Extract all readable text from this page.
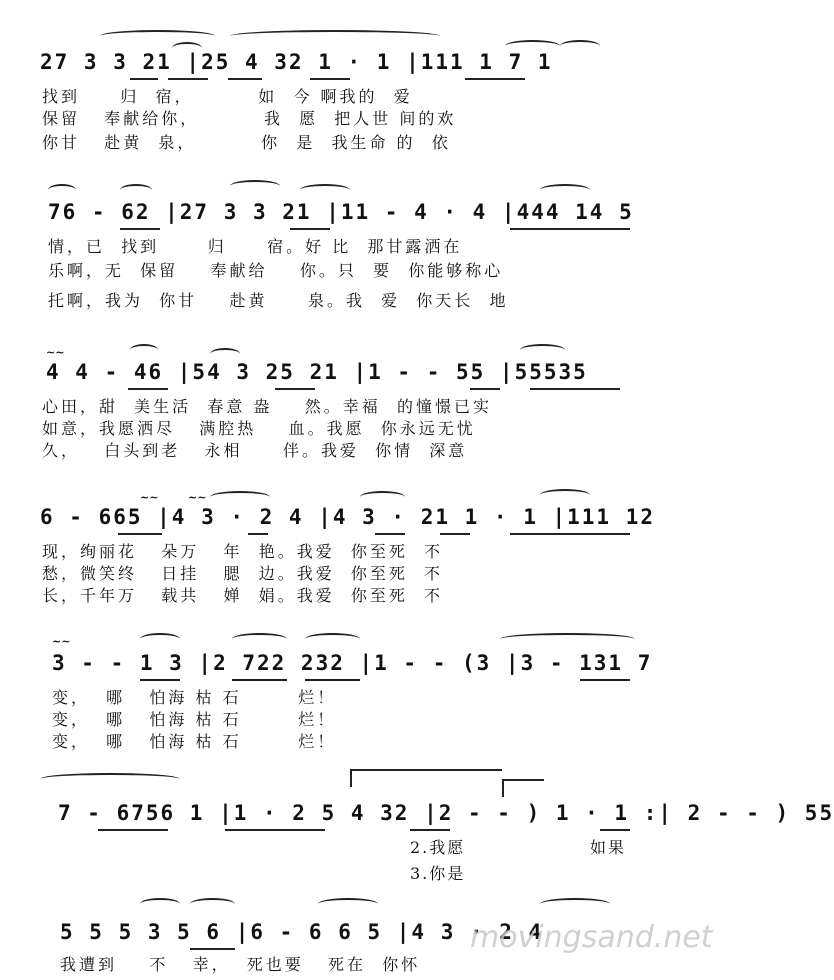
27 3 3 21 |25 4 32 1 · 1 |111 1 7 1
找到     归  宿，        如  今 啊我的  爱
保留   奉献给你，        我  愿  把人世 间的欢
你甘   赴黄  泉，        你  是  我生命 的  依
76 - 62 |27 3 3 21 |11 - 4 · 4 |444 14 5
情，已  找到      归     宿。好 比  那甘露洒在
乐啊，无  保留    奉献给    你。只  要  你能够称心
托啊，我为  你甘    赴黄     泉。我  爱  你天长  地
~~
4 4 - 46 |54 3 25 21 |1 - - 55 |55535
心田，甜  美生活  春意 盎    然。幸福  的憧憬已实
如意，我愿洒尽   满腔热    血。我愿  你永远无忧
久，   白头到老   永相     伴。我爱  你情  深意
~~	~~
6 - 665 |4 3 · 2 4 |4 3 · 21 1 · 1 |111 12
现，绚丽花   朵万   年  艳。我爱  你至死  不
愁，微笑终   日挂   腮  边。我爱  你至死  不
长，千年万   载共   婵  娟。我爱  你至死  不
~~
3 - - 1 3 |2 722 232 |1 - - (3 |3 - 131 7
变，  哪   怕海 枯 石       烂！
变，  哪   怕海 枯 石       烂！
变，  哪   怕海 枯 石       烂！
7 - 6756 1 |1 · 2 5 4 32 |2 - - ) 1 · 1 :| 2 - - ) 55
2.我愿	如果
3.你是
5 5 5 3 5 6 |6 - 6 6 5 |4 3 · 2 4
我遭到    不   幸，  死也要   死在  你怀
movingsand.net
